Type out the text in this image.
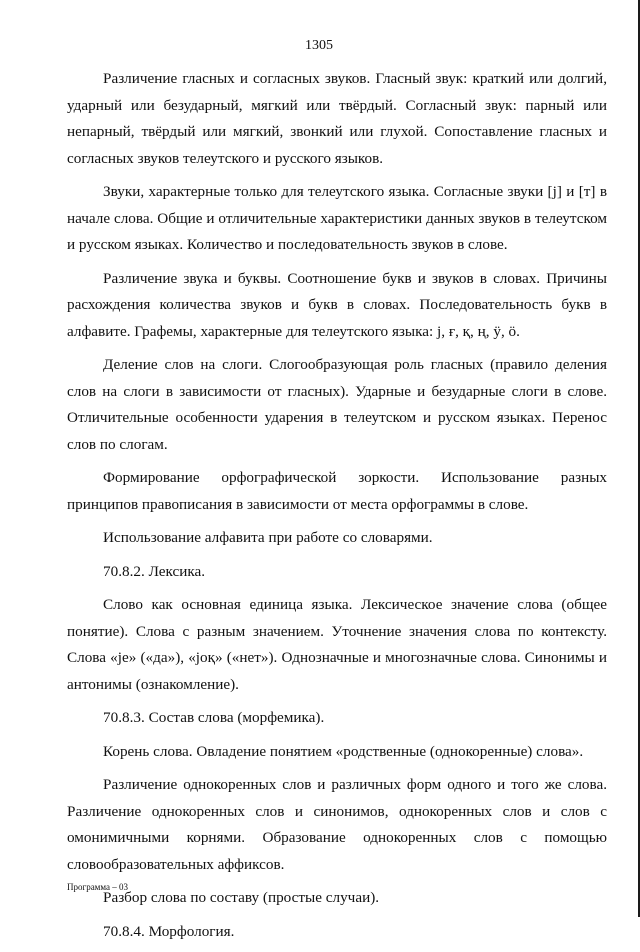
1305

Различение гласных и согласных звуков. Гласный звук: краткий или долгий, ударный или безударный, мягкий или твёрдый. Согласный звук: парный или непарный, твёрдый или мягкий, звонкий или глухой. Сопоставление гласных и согласных звуков телеутского и русского языков.

Звуки, характерные только для телеутского языка. Согласные звуки [j] и [т] в начале слова. Общие и отличительные характеристики данных звуков в телеутском и русском языках. Количество и последовательность звуков в слове.

Различение звука и буквы. Соотношение букв и звуков в словах. Причины расхождения количества звуков и букв в словах. Последовательность букв в алфавите. Графемы, характерные для телеутского языка: j, ғ, қ, ң, ӱ, ӧ.

Деление слов на слоги. Слогообразующая роль гласных (правило деления слов на слоги в зависимости от гласных). Ударные и безударные слоги в слове. Отличительные особенности ударения в телеутском и русском языках. Перенос слов по слогам.

Формирование орфографической зоркости. Использование разных принципов правописания в зависимости от места орфограммы в слове.

Использование алфавита при работе со словарями.

70.8.2. Лексика.

Слово как основная единица языка. Лексическое значение слова (общее понятие). Слова с разным значением. Уточнение значения слова по контексту. Слова «jе» («да»), «jоқ» («нет»). Однозначные и многозначные слова. Синонимы и антонимы (ознакомление).

70.8.3. Состав слова (морфемика).

Корень слова. Овладение понятием «родственные (однокоренные) слова».

Различение однокоренных слов и различных форм одного и того же слова. Различение однокоренных слов и синонимов, однокоренных слов и слов с омонимичными корнями. Образование однокоренных слов с помощью словообразовательных аффиксов.

Разбор слова по составу (простые случаи).

70.8.4. Морфология.

Программа – 03
